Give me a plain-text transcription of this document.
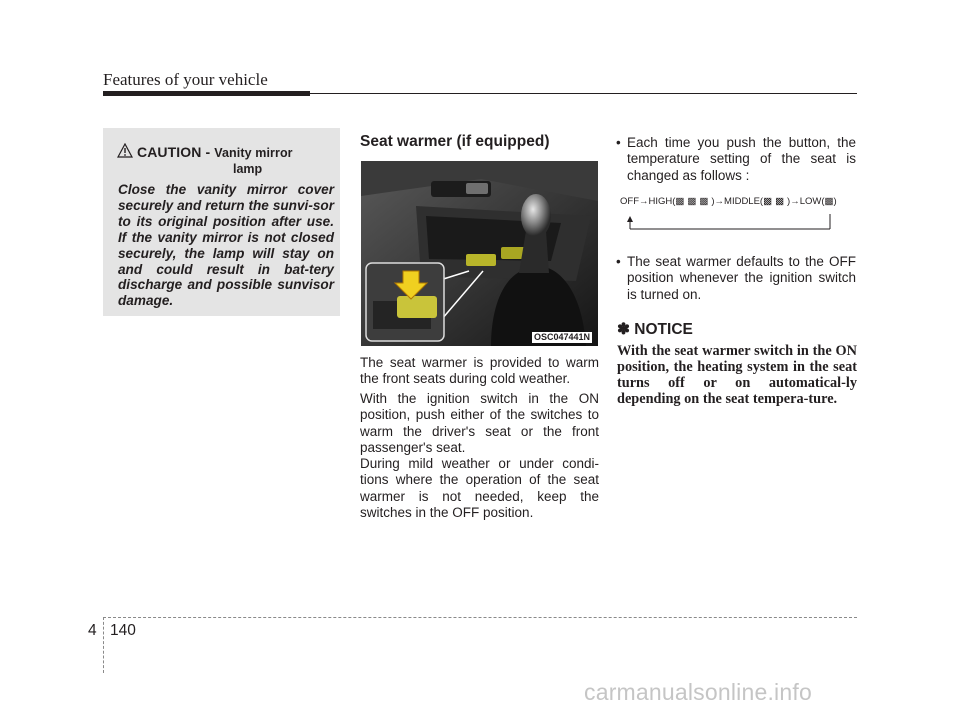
Features of your vehicle
CAUTION - Vanity mirror
lamp
Close the vanity mirror cover securely and return the sunvi-sor to its original position after use. If the vanity mirror is not closed securely, the lamp will stay on and could result in bat-tery discharge and possible sunvisor damage.
Seat warmer (if equipped)
OSC047441N
The seat warmer is provided to warm the front seats during cold weather.
With the ignition switch in the ON position, push either of the switches to warm the driver's seat or the front passenger's seat.
During mild weather or under condi-tions where the operation of the seat warmer is not needed, keep the switches in the OFF position.
• Each time you push the button, the temperature setting of the seat is changed as follows :
OFF→HIGH(▩▩▩)→MIDDLE(▩▩)→LOW(▩)
• The seat warmer defaults to the OFF position whenever the ignition switch is turned on.
✽ NOTICE
With the seat warmer switch in the ON position, the heating system in the seat turns off or on automatical-ly depending on the seat tempera-ture.
4 140
carmanualsonline.info
